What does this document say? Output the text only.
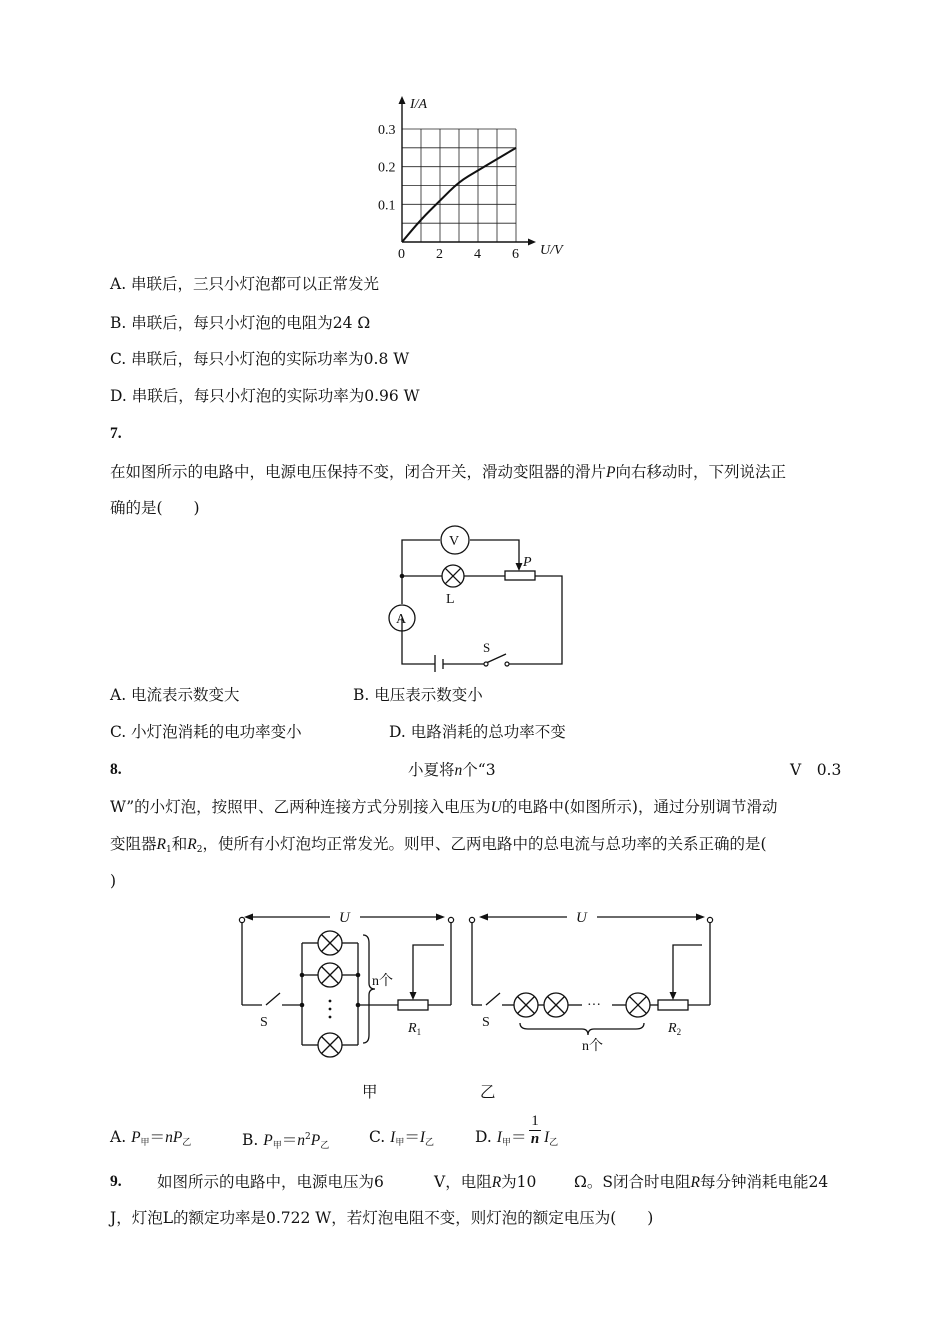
I/A
0.3
0.2
0.1
0 2 4 6 U/V
A. 串联后，三只小灯泡都可以正常发光
B. 串联后，每只小灯泡的电阻为24 Ω
C. 串联后，每只小灯泡的实际功率为0.8 W
D. 串联后，每只小灯泡的实际功率为0.96 W
7.
在如图所示的电路中，电源电压保持不变，闭合开关，滑动变阻器的滑片P向右移动时，下列说法正
确的是(　　)
V
A
L
P
S
A. 电流表示数变大	B. 电压表示数变小
C. 小灯泡消耗的电功率变小	D. 电路消耗的总功率不变
8.	小夏将n个“3	V　0.3
W”的小灯泡，按照甲、乙两种连接方式分别接入电压为U的电路中(如图所示)，通过分别调节滑动
变阻器$R_1$和$R_2$，使所有小灯泡均正常发光。则甲、乙两电路中的总电流与总功率的关系正确的是(
)
U	U
n个
n个
S	S
···
$R_1$	$R_2$
甲	乙
A. $P_甲=nP_乙$	B. $P_甲=n^2P_乙$
C. $I_甲=I_乙$	D. $I_甲=$
1
n $I_乙$
9. 如图所示的电路中，电源电压为6	V，电阻R为10 Ω。S闭合时电阻R每分钟消耗电能24
J，灯泡L的额定功率是0.722 W，若灯泡电阻不变，则灯泡的额定电压为(　　)
